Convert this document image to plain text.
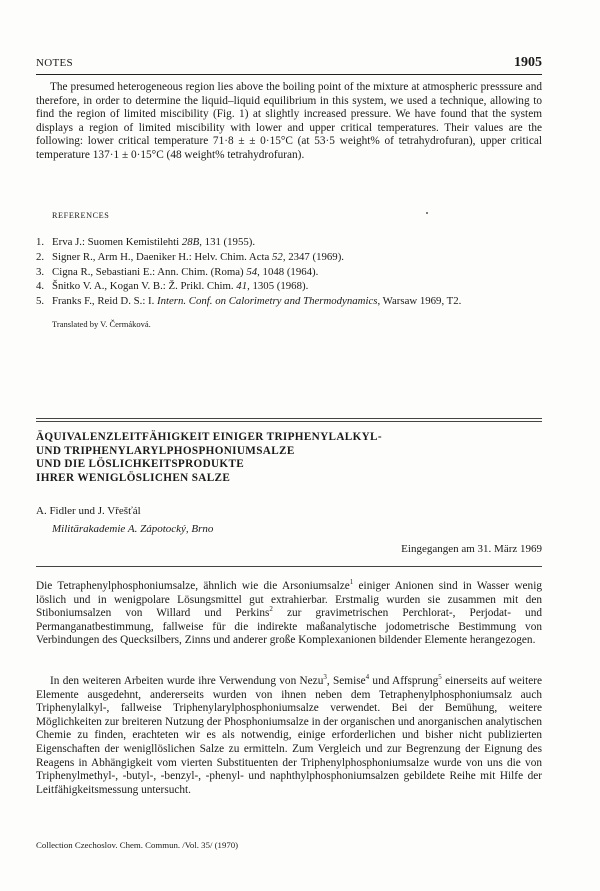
NOTES	1905

The presumed heterogeneous region lies above the boiling point of the mixture at atmospheric presssure and therefore, in order to determine the liquid–liquid equilibrium in this system, we used a technique, allowing to find the region of limited miscibility (Fig. 1) at slightly increased pressure. We have found that the system displays a region of limited miscibility with lower and upper critical temperatures. Their values are the following: lower critical temperature 71·8 ± ± 0·15°C (at 53·5 weight% of tetrahydrofuran), upper critical temperature 137·1 ± 0·15°C (48 weight% tetrahydrofuran).

REFERENCES
1. Erva J.: Suomen Kemistilehti 28B, 131 (1955).
2. Signer R., Arm H., Daeniker H.: Helv. Chim. Acta 52, 2347 (1969).
3. Cigna R., Sebastiani E.: Ann. Chim. (Roma) 54, 1048 (1964).
4. Šnitko V. A., Kogan V. B.: Ž. Prikl. Chim. 41, 1305 (1968).
5. Franks F., Reid D. S.: I. Intern. Conf. on Calorimetry and Thermodynamics, Warsaw 1969, T2.
Translated by V. Čermáková.
ÄQUIVALENZLEITFÄHIGKEIT EINIGER TRIPHENYLALKYL-
UND TRIPHENYLARYLPHOSPHONIUMSALZE
UND DIE LÖSLICHKEITSPRODUKTE
IHRER WENIGLÖSLICHEN SALZE
A. Fidler und J. Vřešťál
Militärakademie A. Zápotocký, Brno
Eingegangen am 31. März 1969

Die Tetraphenylphosphoniumsalze, ähnlich wie die Arsoniumsalze$^1$ einiger Anionen sind in Wasser wenig löslich und in wenigpolare Lösungsmittel gut extrahierbar. Erstmalig wurden sie zusammen mit den Stiboniumsalzen von Willard und Perkins$^2$ zur gravimetrischen Perchlorat-, Perjodat- und Permanganatbestimmung, fallweise für die indirekte maßanalytische jodometrische Bestimmung von Verbindungen des Quecksilbers, Zinns und anderer große Komplexanionen bildender Elemente herangezogen.

In den weiteren Arbeiten wurde ihre Verwendung von Nezu$^3$, Semise$^4$ und Affsprung$^5$ einerseits auf weitere Elemente ausgedehnt, andererseits wurden von ihnen neben dem Tetraphenylphosphoniumsalz auch Triphenylalkyl-, fallweise Triphenylarylphosphoniumsalze verwendet. Bei der Bemühung, weitere Möglichkeiten zur breiteren Nutzung der Phosphoniumsalze in der organischen und anorganischen analytischen Chemie zu finden, erachteten wir es als notwendig, einige erforderlichen und bisher nicht publizierten Eigenschaften der wenigllöslichen Salze zu ermitteln. Zum Vergleich und zur Begrenzung der Eignung des Reagens in Abhängigkeit vom vierten Substituenten der Triphenylphosphoniumsalze wurde von uns die von Triphenylmethyl-, -butyl-, -benzyl-, -phenyl- und naphthylphosphoniumsalzen gebildete Reihe mit Hilfe der Leitfähigkeitsmessung untersucht.

Collection Czechoslov. Chem. Commun. /Vol. 35/ (1970)
